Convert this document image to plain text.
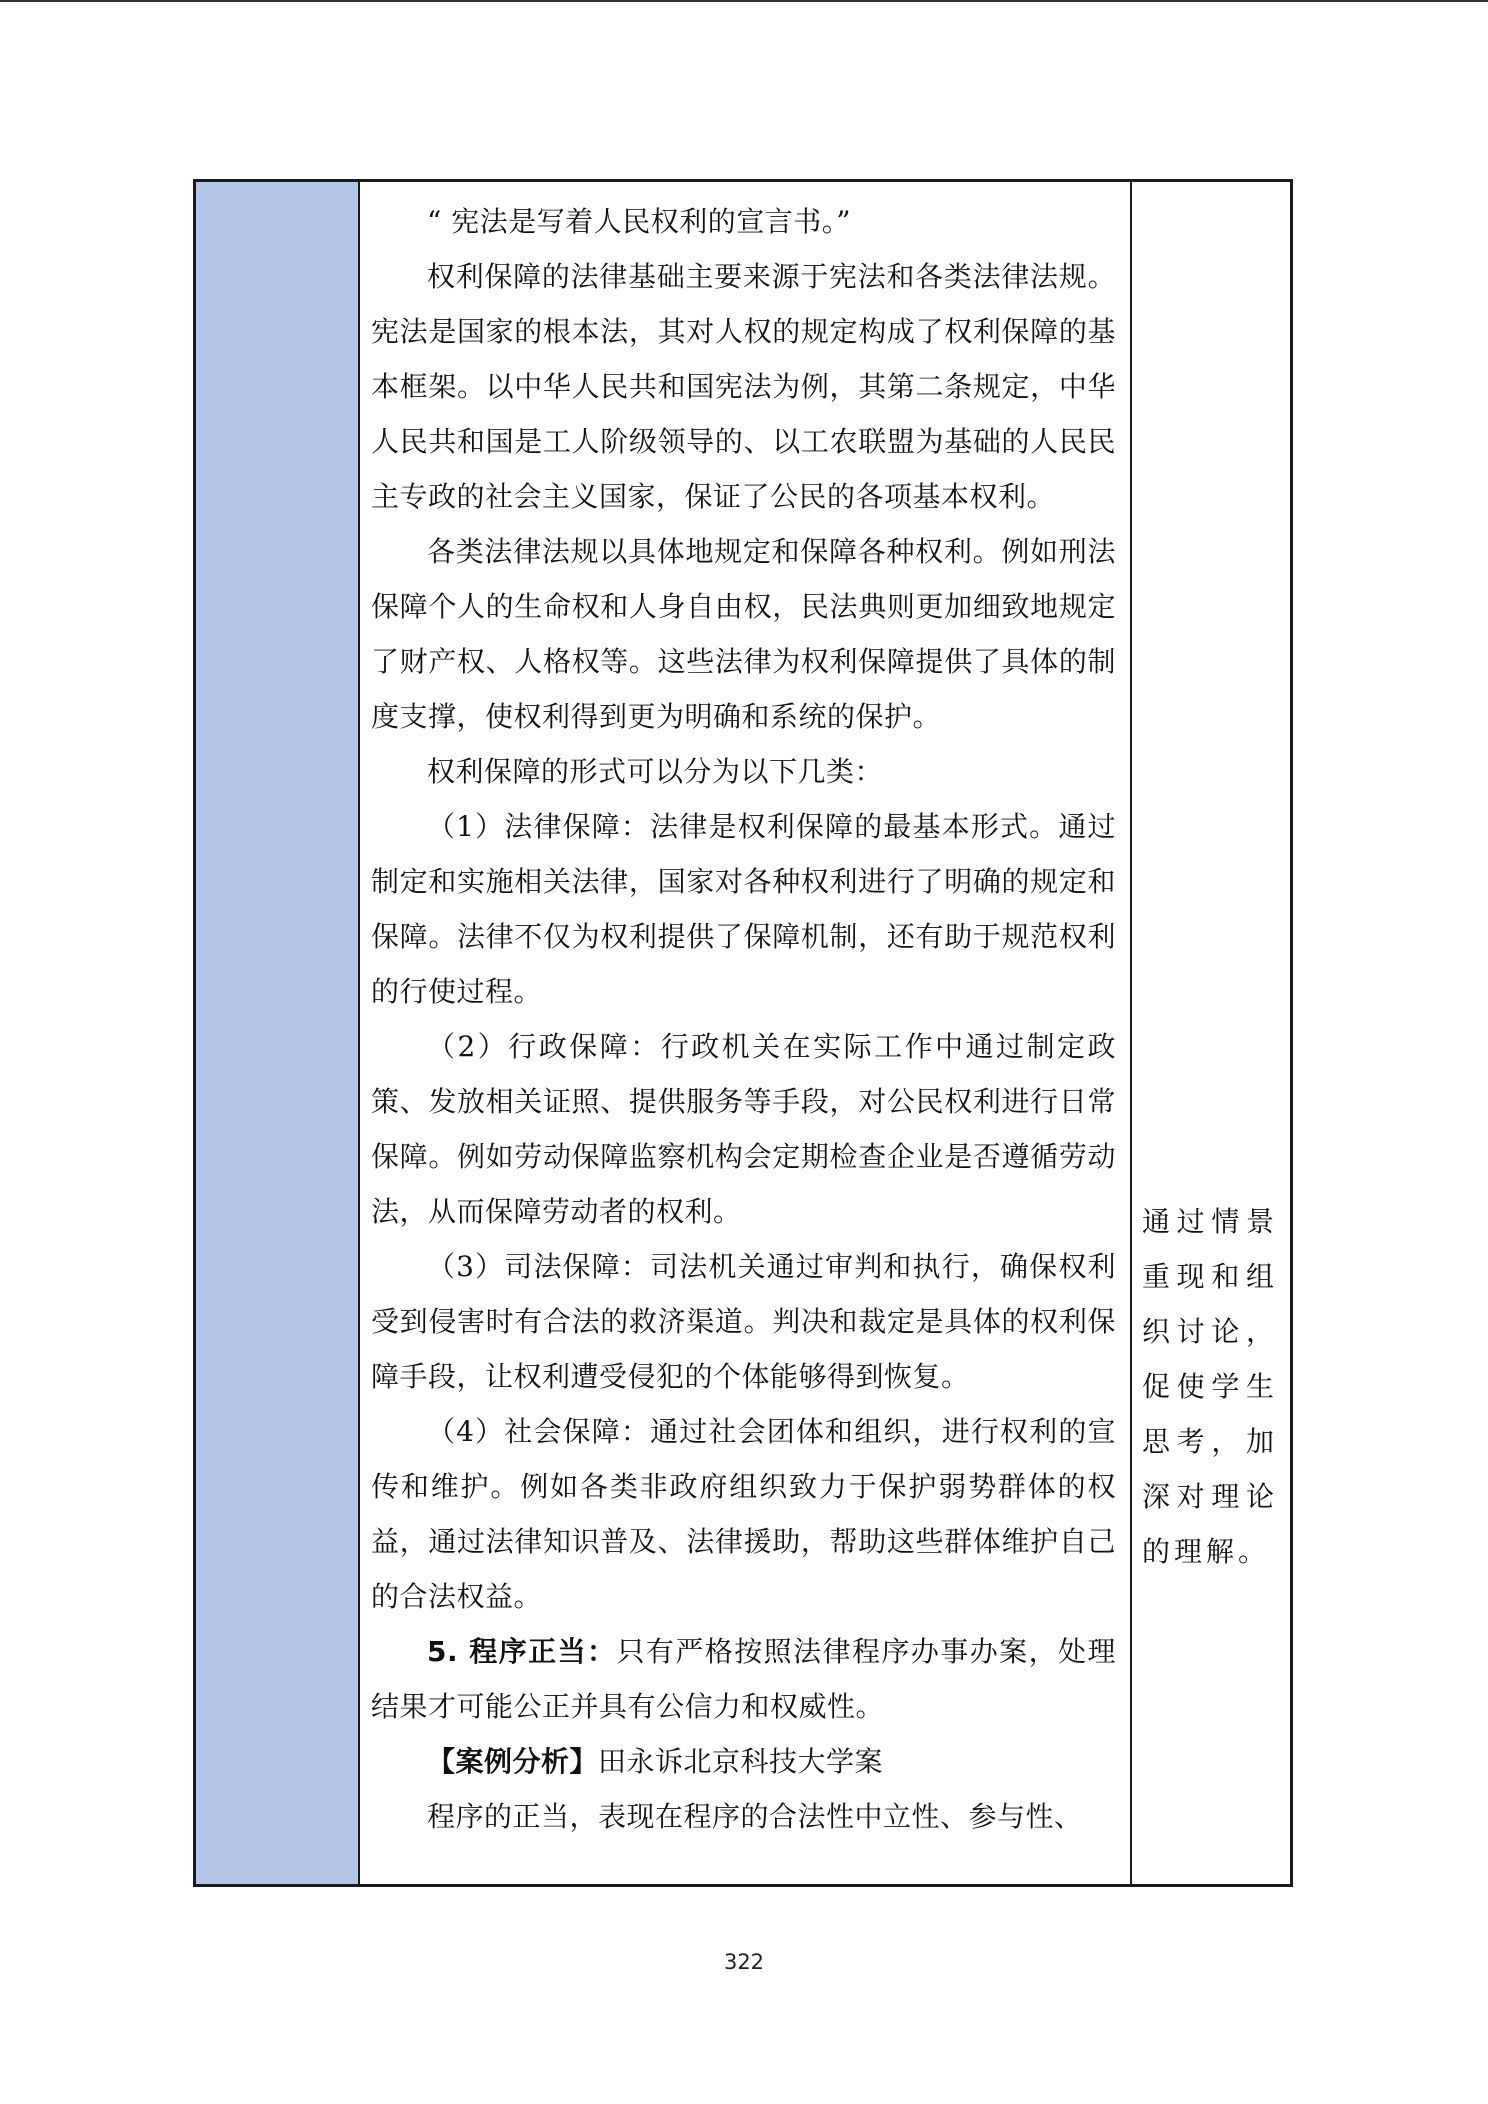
“ 宪法是写着人民权利的宣言书。”

权利保障的法律基础主要来源于宪法和各类法律法规。宪法是国家的根本法，其对人权的规定构成了权利保障的基本框架。以中华人民共和国宪法为例，其第二条规定，中华人民共和国是工人阶级领导的、以工农联盟为基础的人民民主专政的社会主义国家，保证了公民的各项基本权利。

各类法律法规以具体地规定和保障各种权利。例如刑法保障个人的生命权和人身自由权，民法典则更加细致地规定了财产权、人格权等。这些法律为权利保障提供了具体的制度支撑，使权利得到更为明确和系统的保护。

权利保障的形式可以分为以下几类：

（1）法律保障：法律是权利保障的最基本形式。通过制定和实施相关法律，国家对各种权利进行了明确的规定和保障。法律不仅为权利提供了保障机制，还有助于规范权利的行使过程。

（2）行政保障：行政机关在实际工作中通过制定政策、发放相关证照、提供服务等手段，对公民权利进行日常保障。例如劳动保障监察机构会定期检查企业是否遵循劳动法，从而保障劳动者的权利。

（3）司法保障：司法机关通过审判和执行，确保权利受到侵害时有合法的救济渠道。判决和裁定是具体的权利保障手段，让权利遭受侵犯的个体能够得到恢复。

（4）社会保障：通过社会团体和组织，进行权利的宣传和维护。例如各类非政府组织致力于保护弱势群体的权益，通过法律知识普及、法律援助，帮助这些群体维护自己的合法权益。

5. 程序正当：只有严格按照法律程序办事办案，处理结果才可能公正并具有公信力和权威性。

【案例分析】田永诉北京科技大学案

程序的正当，表现在程序的合法性中立性、参与性、

通过情景重现和组织讨论，促使学生思考，加深对理论的理解。
322
